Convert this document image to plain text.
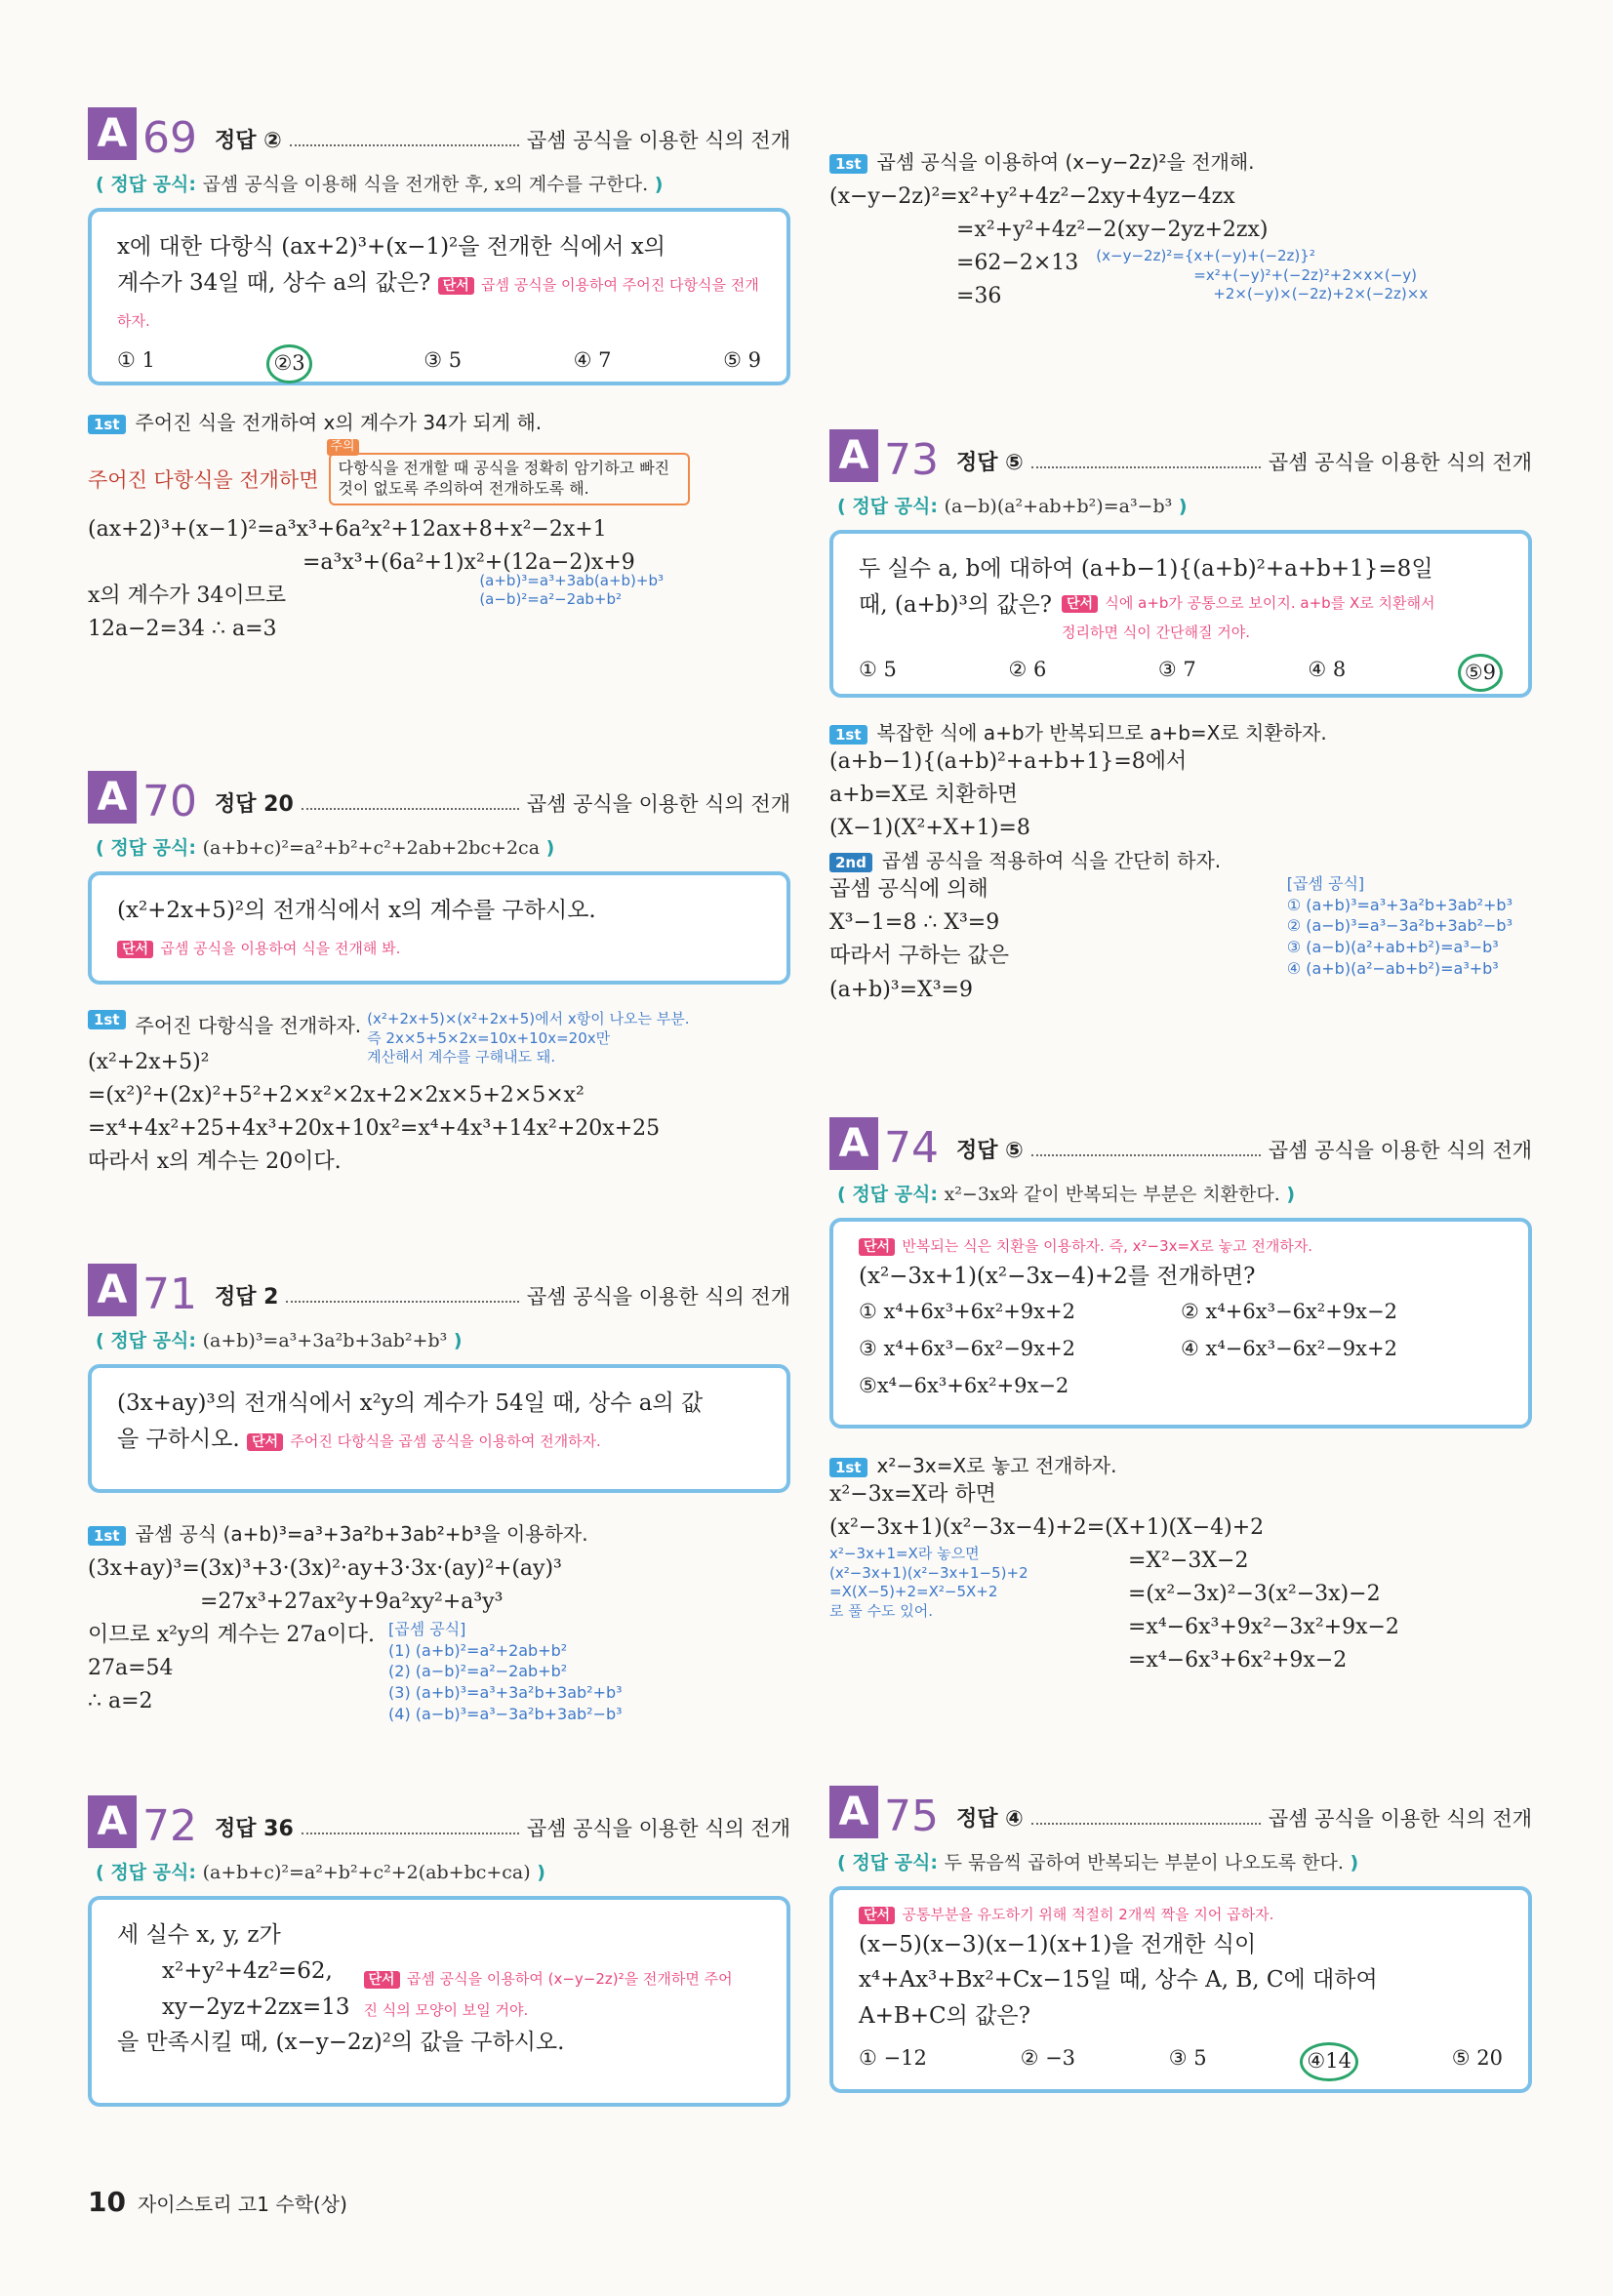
A 69 정답 ②	곱셈 공식을 이용한 식의 전개
( 정답 공식: 곱셈 공식을 이용해 식을 전개한 후, x의 계수를 구한다. )
x에 대한 다항식 (ax+2)³+(x−1)²을 전개한 식에서 x의
계수가 34일 때, 상수 a의 값은? 단서 곱셈 공식을 이용하여 주어진 다항식을 전개하자.
① 1	②3	③ 5	④ 7	⑤ 9
1st 주어진 식을 전개하여 x의 계수가 34가 되게 해.
주어진 다항식을 전개하면
주의
다항식을 전개할 때 공식을 정확히 암기하고 빠진 것이 없도록 주의하여 전개하도록 해.
(ax+2)³+(x−1)²=a³x³+6a²x²+12ax+8+x²−2x+1
=a³x³+(6a²+1)x²+(12a−2)x+9
x의 계수가 34이므로
12a−2=34 ∴ a=3
(a+b)³=a³+3ab(a+b)+b³
(a−b)²=a²−2ab+b²
A 70 정답 20	곱셈 공식을 이용한 식의 전개
( 정답 공식: (a+b+c)²=a²+b²+c²+2ab+2bc+2ca )
(x²+2x+5)²의 전개식에서 x의 계수를 구하시오.
단서 곱셈 공식을 이용하여 식을 전개해 봐.
1st 주어진 다항식을 전개하자. (x²+2x+5)×(x²+2x+5)에서 x항이 나오는 부분.
즉 2x×5+5×2x=10x+10x=20x만
계산해서 계수를 구해내도 돼.
(x²+2x+5)²
=(x²)²+(2x)²+5²+2×x²×2x+2×2x×5+2×5×x²
=x⁴+4x²+25+4x³+20x+10x²=x⁴+4x³+14x²+20x+25
따라서 x의 계수는 20이다.
A 71 정답 2	곱셈 공식을 이용한 식의 전개
( 정답 공식: (a+b)³=a³+3a²b+3ab²+b³ )
(3x+ay)³의 전개식에서 x²y의 계수가 54일 때, 상수 a의 값
을 구하시오. 단서 주어진 다항식을 곱셈 공식을 이용하여 전개하자.
1st 곱셈 공식 (a+b)³=a³+3a²b+3ab²+b³을 이용하자.
(3x+ay)³=(3x)³+3·(3x)²·ay+3·3x·(ay)²+(ay)³
=27x³+27ax²y+9a²xy²+a³y³
이므로 x²y의 계수는 27a이다.
27a=54
∴ a=2
[곱셈 공식]
(1) (a+b)²=a²+2ab+b²
(2) (a−b)²=a²−2ab+b²
(3) (a+b)³=a³+3a²b+3ab²+b³
(4) (a−b)³=a³−3a²b+3ab²−b³
A 72 정답 36	곱셈 공식을 이용한 식의 전개
( 정답 공식: (a+b+c)²=a²+b²+c²+2(ab+bc+ca) )
세 실수 x, y, z가
x²+y²+4z²=62,
xy−2yz+2zx=13
단서 곱셈 공식을 이용하여 (x−y−2z)²을 전개하면 주어진 식의 모양이 보일 거야.
을 만족시킬 때, (x−y−2z)²의 값을 구하시오.
1st 곱셈 공식을 이용하여 (x−y−2z)²을 전개해.
(x−y−2z)²=x²+y²+4z²−2xy+4yz−4zx
=x²+y²+4z²−2(xy−2yz+2zx)
=62−2×13
=36
(x−y−2z)²={x+(−y)+(−2z)}²
=x²+(−y)²+(−2z)²+2×x×(−y)
+2×(−y)×(−2z)+2×(−2z)×x
A 73 정답 ⑤	곱셈 공식을 이용한 식의 전개
( 정답 공식: (a−b)(a²+ab+b²)=a³−b³ )
두 실수 a, b에 대하여 (a+b−1){(a+b)²+a+b+1}=8일
때, (a+b)³의 값은?	단서 식에 a+b가 공통으로 보이지. a+b를 X로 치환해서 정리하면 식이 간단해질 거야.
① 5	② 6	③ 7	④ 8	⑤9
1st 복잡한 식에 a+b가 반복되므로 a+b=X로 치환하자.
(a+b−1){(a+b)²+a+b+1}=8에서
a+b=X로 치환하면
(X−1)(X²+X+1)=8
2nd 곱셈 공식을 적용하여 식을 간단히 하자.
곱셈 공식에 의해
X³−1=8 ∴ X³=9
따라서 구하는 값은
(a+b)³=X³=9
[곱셈 공식]
① (a+b)³=a³+3a²b+3ab²+b³
② (a−b)³=a³−3a²b+3ab²−b³
③ (a−b)(a²+ab+b²)=a³−b³
④ (a+b)(a²−ab+b²)=a³+b³
A 74 정답 ⑤	곱셈 공식을 이용한 식의 전개
( 정답 공식: x²−3x와 같이 반복되는 부분은 치환한다. )
단서 반복되는 식은 치환을 이용하자. 즉, x²−3x=X로 놓고 전개하자.
(x²−3x+1)(x²−3x−4)+2를 전개하면?
① x⁴+6x³+6x²+9x+2	② x⁴+6x³−6x²+9x−2
③ x⁴+6x³−6x²−9x+2	④ x⁴−6x³−6x²−9x+2
⑤x⁴−6x³+6x²+9x−2
1st x²−3x=X로 놓고 전개하자.
x²−3x=X라 하면
(x²−3x+1)(x²−3x−4)+2=(X+1)(X−4)+2
x²−3x+1=X라 놓으면
(x²−3x+1)(x²−3x+1−5)+2
=X(X−5)+2=X²−5X+2
로 풀 수도 있어.
=X²−3X−2
=(x²−3x)²−3(x²−3x)−2
=x⁴−6x³+9x²−3x²+9x−2
=x⁴−6x³+6x²+9x−2
A 75 정답 ④	곱셈 공식을 이용한 식의 전개
( 정답 공식: 두 묶음씩 곱하여 반복되는 부분이 나오도록 한다. )
단서 공통부분을 유도하기 위해 적절히 2개씩 짝을 지어 곱하자.
(x−5)(x−3)(x−1)(x+1)을 전개한 식이
x⁴+Ax³+Bx²+Cx−15일 때, 상수 A, B, C에 대하여
A+B+C의 값은?
① −12	② −3	③ 5	④14	⑤ 20
10 자이스토리 고1 수학(상)
